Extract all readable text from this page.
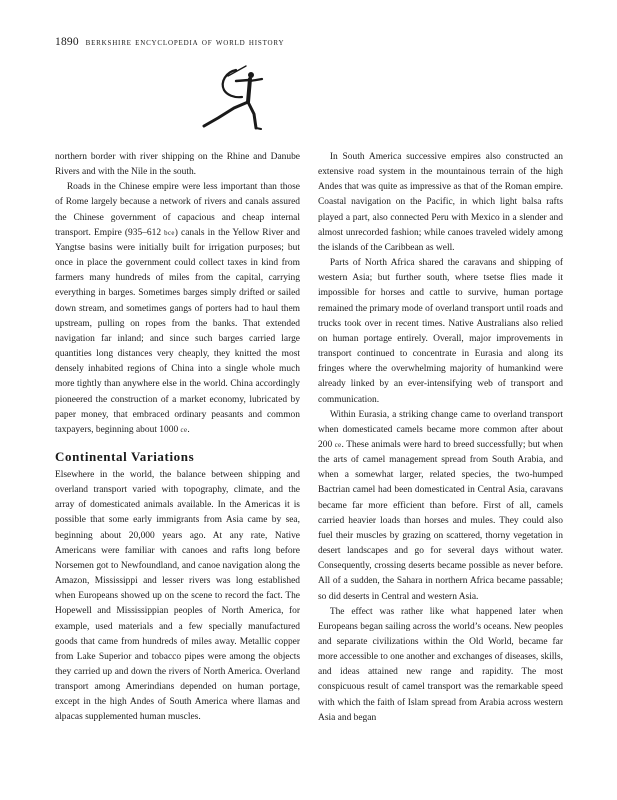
1890 berkshire encyclopedia of world history

northern border with river shipping on the Rhine and Danube Rivers and with the Nile in the south.

Roads in the Chinese empire were less important than those of Rome largely because a network of rivers and canals assured the Chinese government of capacious and cheap internal transport. Empire (935–612 bce) canals in the Yellow River and Yangtse basins were initially built for irrigation purposes; but once in place the government could collect taxes in kind from farmers many hundreds of miles from the capital, carrying everything in barges. Sometimes barges simply drifted or sailed down stream, and sometimes gangs of porters had to haul them upstream, pulling on ropes from the banks. That extended navigation far inland; and since such barges carried large quantities long distances very cheaply, they knitted the most densely inhabited regions of China into a single whole much more tightly than anywhere else in the world. China accordingly pioneered the construction of a market economy, lubricated by paper money, that embraced ordinary peasants and common taxpayers, beginning about 1000 ce.

Continental Variations

Elsewhere in the world, the balance between shipping and overland transport varied with topography, climate, and the array of domesticated animals available. In the Americas it is possible that some early immigrants from Asia came by sea, beginning about 20,000 years ago. At any rate, Native Americans were familiar with canoes and rafts long before Norsemen got to Newfoundland, and canoe navigation along the Amazon, Mississippi and lesser rivers was long established when Europeans showed up on the scene to record the fact. The Hopewell and Mississippian peoples of North America, for example, used materials and a few specially manufactured goods that came from hundreds of miles away. Metallic copper from Lake Superior and tobacco pipes were among the objects they carried up and down the rivers of North America. Overland transport among Amerindians depended on human portage, except in the high Andes of South America where llamas and alpacas supplemented human muscles.

In South America successive empires also constructed an extensive road system in the mountainous terrain of the high Andes that was quite as impressive as that of the Roman empire. Coastal navigation on the Pacific, in which light balsa rafts played a part, also connected Peru with Mexico in a slender and almost unrecorded fashion; while canoes traveled widely among the islands of the Caribbean as well.

Parts of North Africa shared the caravans and shipping of western Asia; but further south, where tsetse flies made it impossible for horses and cattle to survive, human portage remained the primary mode of overland transport until roads and trucks took over in recent times. Native Australians also relied on human portage entirely. Overall, major improvements in transport continued to concentrate in Eurasia and along its fringes where the overwhelming majority of humankind were already linked by an ever-intensifying web of transport and communication.

Within Eurasia, a striking change came to overland transport when domesticated camels became more common after about 200 ce. These animals were hard to breed successfully; but when the arts of camel management spread from South Arabia, and when a somewhat larger, related species, the two-humped Bactrian camel had been domesticated in Central Asia, caravans became far more efficient than before. First of all, camels carried heavier loads than horses and mules. They could also fuel their muscles by grazing on scattered, thorny vegetation in desert landscapes and go for several days without water. Consequently, crossing deserts became possible as never before. All of a sudden, the Sahara in northern Africa became passable; so did deserts in Central and western Asia.

The effect was rather like what happened later when Europeans began sailing across the world’s oceans. New peoples and separate civilizations within the Old World, became far more accessible to one another and exchanges of diseases, skills, and ideas attained new range and rapidity. The most conspicuous result of camel transport was the remarkable speed with which the faith of Islam spread from Arabia across western Asia and began
